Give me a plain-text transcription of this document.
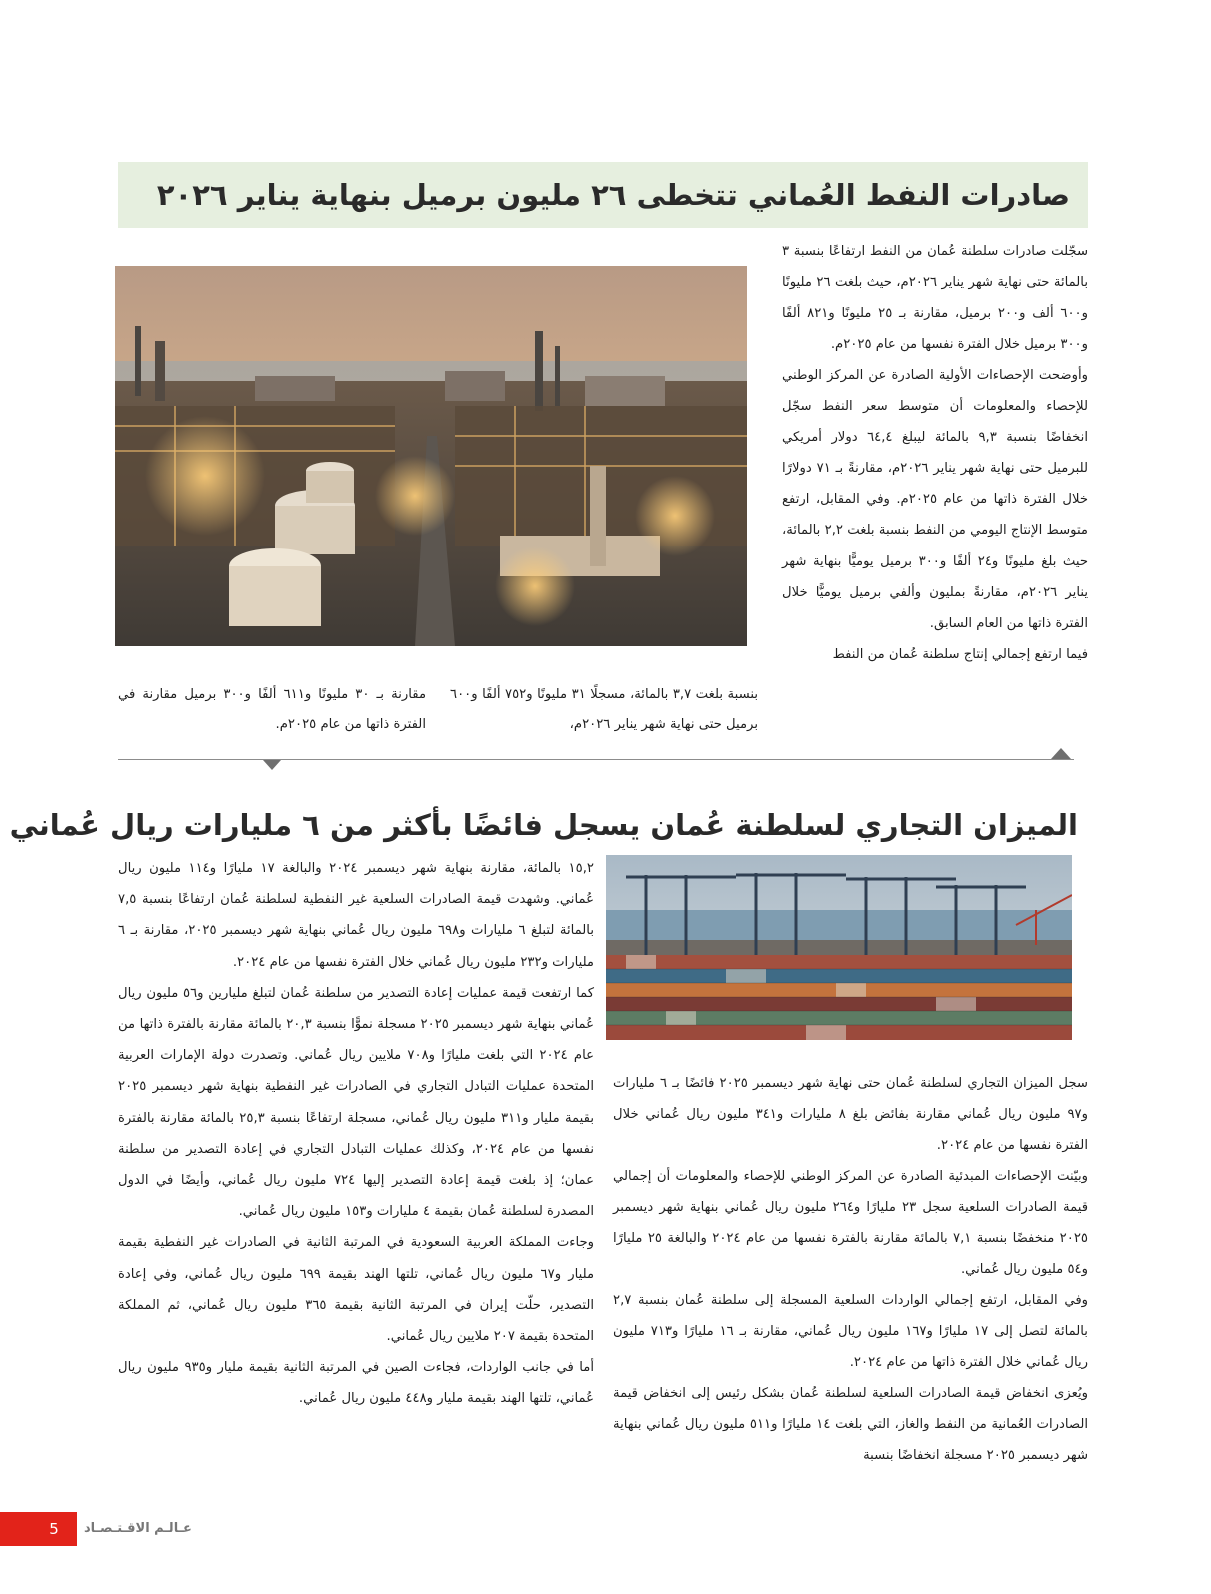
صادرات النفط العُماني تتخطى ٢٦ مليون برميل بنهاية يناير ٢٠٢٦

سجّلت صادرات سلطنة عُمان من النفط ارتفاعًا بنسبة ٣ بالمائة حتى نهاية شهر يناير ٢٠٢٦م، حيث بلغت ٢٦ مليونًا و٦٠٠ ألف و٢٠٠ برميل، مقارنة بـ ٢٥ مليونًا و٨٢١ ألفًا و٣٠٠ برميل خلال الفترة نفسها من عام ٢٠٢٥م.

وأوضحت الإحصاءات الأولية الصادرة عن المركز الوطني للإحصاء والمعلومات أن متوسط سعر النفط سجّل انخفاضًا بنسبة ٩,٣ بالمائة ليبلغ ٦٤,٤ دولار أمريكي للبرميل حتى نهاية شهر يناير ٢٠٢٦م، مقارنةً بـ ٧١ دولارًا خلال الفترة ذاتها من عام ٢٠٢٥م. وفي المقابل، ارتفع متوسط الإنتاج اليومي من النفط بنسبة بلغت ٢,٢ بالمائة، حيث بلغ مليونًا و٢٤ ألفًا و٣٠٠ برميل يوميًّا بنهاية شهر يناير ٢٠٢٦م، مقارنةً بمليون وألفي برميل يوميًّا خلال الفترة ذاتها من العام السابق.

فيما ارتفع إجمالي إنتاج سلطنة عُمان من النفط

بنسبة بلغت ٣,٧ بالمائة، مسجلًا ٣١ مليونًا و٧٥٢ ألفًا و٦٠٠ برميل حتى نهاية شهر يناير ٢٠٢٦م،

مقارنة بـ ٣٠ مليونًا و٦١١ ألفًا و٣٠٠ برميل مقارنة في الفترة ذاتها من عام ٢٠٢٥م.

الميزان التجاري لسلطنة عُمان يسجل فائضًا بأكثر من ٦ مليارات ريال عُماني

سجل الميزان التجاري لسلطنة عُمان حتى نهاية شهر ديسمبر ٢٠٢٥ فائضًا بـ ٦ مليارات و٩٧ مليون ريال عُماني مقارنة بفائض بلغ ٨ مليارات و٣٤١ مليون ريال عُماني خلال الفترة نفسها من عام ٢٠٢٤.

وبيّنت الإحصاءات المبدئية الصادرة عن المركز الوطني للإحصاء والمعلومات أن إجمالي قيمة الصادرات السلعية سجل ٢٣ مليارًا و٢٦٤ مليون ريال عُماني بنهاية شهر ديسمبر ٢٠٢٥ منخفضًا بنسبة ٧,١ بالمائة مقارنة بالفترة نفسها من عام ٢٠٢٤ والبالغة ٢٥ مليارًا و٥٤ مليون ريال عُماني.

وفي المقابل، ارتفع إجمالي الواردات السلعية المسجلة إلى سلطنة عُمان بنسبة ٢,٧ بالمائة لتصل إلى ١٧ مليارًا و١٦٧ مليون ريال عُماني، مقارنة بـ ١٦ مليارًا و٧١٣ مليون ريال عُماني خلال الفترة ذاتها من عام ٢٠٢٤.

ويُعزى انخفاض قيمة الصادرات السلعية لسلطنة عُمان بشكل رئيس إلى انخفاض قيمة الصادرات العُمانية من النفط والغاز، التي بلغت ١٤ مليارًا و٥١١ مليون ريال عُماني بنهاية شهر ديسمبر ٢٠٢٥ مسجلة انخفاضًا بنسبة

١٥,٢ بالمائة، مقارنة بنهاية شهر ديسمبر ٢٠٢٤ والبالغة ١٧ مليارًا و١١٤ مليون ريال عُماني. وشهدت قيمة الصادرات السلعية غير النفطية لسلطنة عُمان ارتفاعًا بنسبة ٧,٥ بالمائة لتبلغ ٦ مليارات و٦٩٨ مليون ريال عُماني بنهاية شهر ديسمبر ٢٠٢٥، مقارنة بـ ٦ مليارات و٢٣٢ مليون ريال عُماني خلال الفترة نفسها من عام ٢٠٢٤.

كما ارتفعت قيمة عمليات إعادة التصدير من سلطنة عُمان لتبلغ مليارين و٥٦ مليون ريال عُماني بنهاية شهر ديسمبر ٢٠٢٥ مسجلة نموًّا بنسبة ٢٠,٣ بالمائة مقارنة بالفترة ذاتها من عام ٢٠٢٤ التي بلغت مليارًا و٧٠٨ ملايين ريال عُماني. وتصدرت دولة الإمارات العربية المتحدة عمليات التبادل التجاري في الصادرات غير النفطية بنهاية شهر ديسمبر ٢٠٢٥ بقيمة مليار و٣١١ مليون ريال عُماني، مسجلة ارتفاعًا بنسبة ٢٥,٣ بالمائة مقارنة بالفترة نفسها من عام ٢٠٢٤، وكذلك عمليات التبادل التجاري في إعادة التصدير من سلطنة عمان؛ إذ بلغت قيمة إعادة التصدير إليها ٧٢٤ مليون ريال عُماني، وأيضًا في الدول المصدرة لسلطنة عُمان بقيمة ٤ مليارات و١٥٣ مليون ريال عُماني.

وجاءت المملكة العربية السعودية في المرتبة الثانية في الصادرات غير النفطية بقيمة مليار و٦٧ مليون ريال عُماني، تلتها الهند بقيمة ٦٩٩ مليون ريال عُماني، وفي إعادة التصدير، حلّت إيران في المرتبة الثانية بقيمة ٣٦٥ مليون ريال عُماني، ثم المملكة المتحدة بقيمة ٢٠٧ ملايين ريال عُماني.

أما في جانب الواردات، فجاءت الصين في المرتبة الثانية بقيمة مليار و٩٣٥ مليون ريال عُماني، تلتها الهند بقيمة مليار و٤٤٨ مليون ريال عُماني.

5	عـالـم الاقـتـصـاد
